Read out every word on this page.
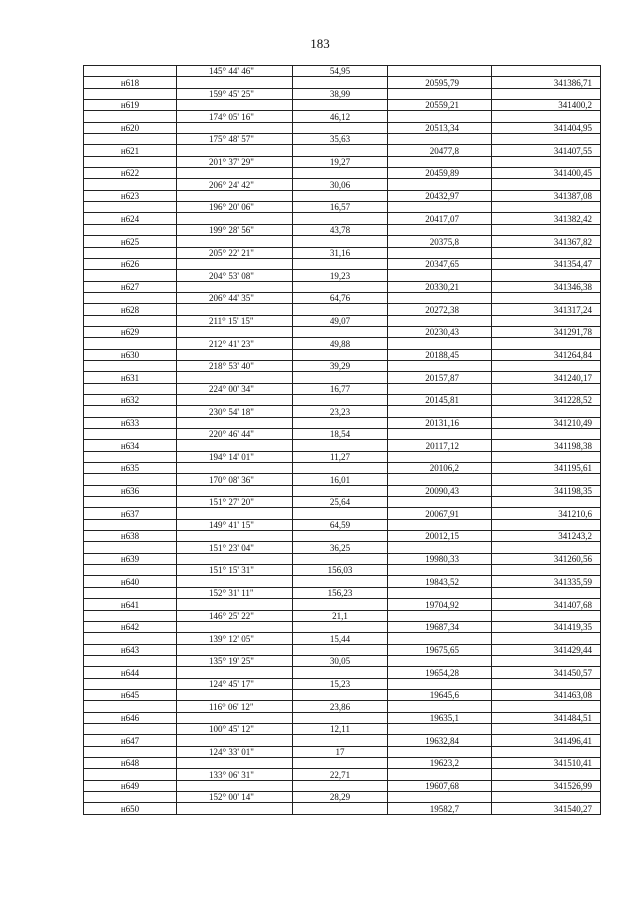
183
	145° 44' 46"	54,95		
н618			20595,79	341386,71
	159° 45' 25"	38,99		
н619			20559,21	341400,2
	174° 05' 16"	46,12		
н620			20513,34	341404,95
	175° 48' 57"	35,63		
н621			20477,8	341407,55
	201° 37' 29"	19,27		
н622			20459,89	341400,45
	206° 24' 42"	30,06		
н623			20432,97	341387,08
	196° 20' 06"	16,57		
н624			20417,07	341382,42
	199° 28' 56"	43,78		
н625			20375,8	341367,82
	205° 22' 21"	31,16		
н626			20347,65	341354,47
	204° 53' 08"	19,23		
н627			20330,21	341346,38
	206° 44' 35"	64,76		
н628			20272,38	341317,24
	211° 15' 15"	49,07		
н629			20230,43	341291,78
	212° 41' 23"	49,88		
н630			20188,45	341264,84
	218° 53' 40"	39,29		
н631			20157,87	341240,17
	224° 00' 34"	16,77		
н632			20145,81	341228,52
	230° 54' 18"	23,23		
н633			20131,16	341210,49
	220° 46' 44"	18,54		
н634			20117,12	341198,38
	194° 14' 01"	11,27		
н635			20106,2	341195,61
	170° 08' 36"	16,01		
н636			20090,43	341198,35
	151° 27' 20"	25,64		
н637			20067,91	341210,6
	149° 41' 15"	64,59		
н638			20012,15	341243,2
	151° 23' 04"	36,25		
н639			19980,33	341260,56
	151° 15' 31"	156,03		
н640			19843,52	341335,59
	152° 31' 11"	156,23		
н641			19704,92	341407,68
	146° 25' 22"	21,1		
н642			19687,34	341419,35
	139° 12' 05"	15,44		
н643			19675,65	341429,44
	135° 19' 25"	30,05		
н644			19654,28	341450,57
	124° 45' 17"	15,23		
н645			19645,6	341463,08
	116° 06' 12"	23,86		
н646			19635,1	341484,51
	100° 45' 12"	12,11		
н647			19632,84	341496,41
	124° 33' 01"	17		
н648			19623,2	341510,41
	133° 06' 31"	22,71		
н649			19607,68	341526,99
	152° 00' 14"	28,29		
н650			19582,7	341540,27
